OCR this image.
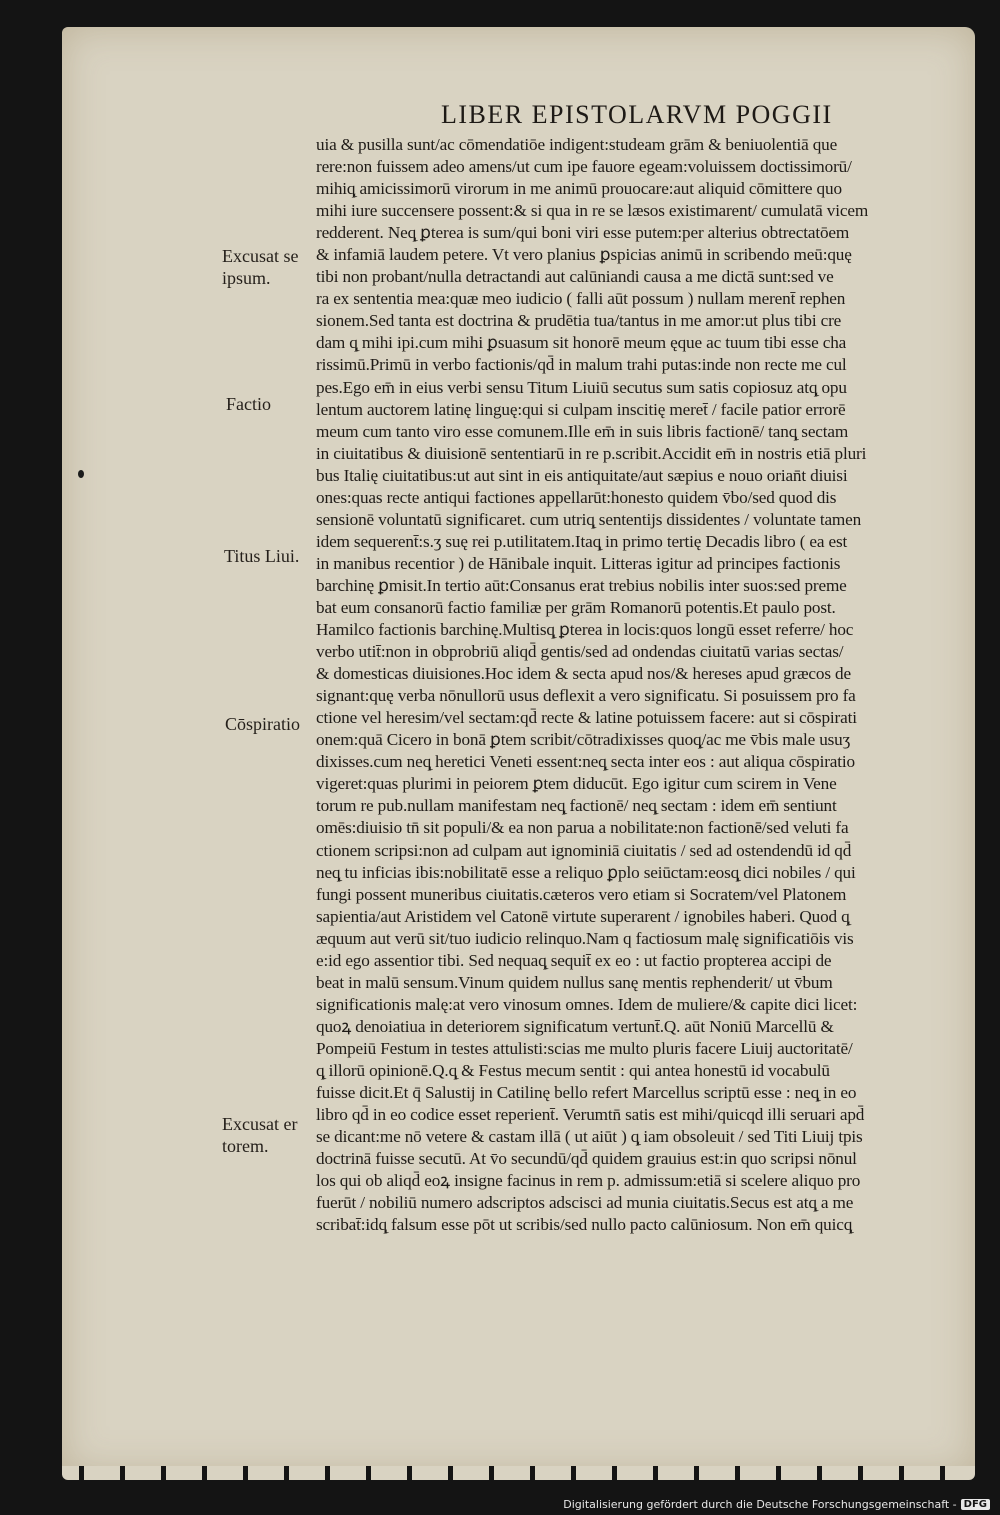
LIBER EPISTOLARVM POGGII
uia & pusilla sunt/ac cōmendatiōe indigent:studeam grām & beniuolentiā que
rere:non fuissem adeo amens/ut cum ipe fauore egeam:voluissem doctissimorū/
mihiq̨ amicissimorū virorum in me animū prouocare:aut aliquid cōmittere quo
mihi iure succensere possent:& si qua in re se læsos existimarent/ cumulatā vicem
redderent. Neq̨ ꝑterea is sum/qui boni viri esse putem:per alterius obtrectatōem
& infamiā laudem petere. Vt vero planius ꝑspicias animū in scribendo meū:quę
tibi non probant/nulla detractandi aut calūniandi causa a me dictā sunt:sed ve
ra ex sententia mea:quæ meo iudicio ( falli aūt possum ) nullam merent̄ rephen
sionem.Sed tanta est doctrina & prudētia tua/tantus in me amor:ut plus tibi cre
dam q̨ mihi ipi.cum mihi ꝑsuasum sit honorē meum ęque ac tuum tibi esse cha
rissimū.Primū in verbo factionis/qd̄ in malum trahi putas:inde non recte me cul
pes.Ego em̄ in eius verbi sensu Titum Liuiū secutus sum satis copiosuz atq̨ opu
lentum auctorem latinę linguę:qui si culpam inscitię meret̄ / facile patior errorē
meum cum tanto viro esse comunem.Ille em̄ in suis libris factionē/ tanq̨ sectam
in ciuitatibus & diuisionē sententiarū in re p.scribit.Accidit em̄ in nostris etiā pluri
bus Italię ciuitatibus:ut aut sint in eis antiquitate/aut sæpius e nouo orian̄t diuisi
ones:quas recte antiqui factiones appellarūt:honesto quidem v̄bo/sed quod dis
sensionē voluntatū significaret. cum utriq̨ sententijs dissidentes / voluntate tamen
idem sequerent̄:s.ʒ suę rei p.utilitatem.Itaq̨ in primo tertię Decadis libro ( ea est
in manibus recentior ) de Hānibale inquit. Litteras igitur ad principes factionis
barchinę ꝑmisit.In tertio aūt:Consanus erat trebius nobilis inter suos:sed preme
bat eum consanorū factio familiæ per grām Romanorū potentis.Et paulo post.
Hamilco factionis barchinę.Multisq̨ ꝑterea in locis:quos longū esset referre/ hoc
verbo utit̄:non in obprobriū aliqd̄ gentis/sed ad ondendas ciuitatū varias sectas/
& domesticas diuisiones.Hoc idem & secta apud nos/& hereses apud græcos de
signant:quę verba nōnullorū usus deflexit a vero significatu. Si posuissem pro fa
ctione vel heresim/vel sectam:qd̄ recte & latine potuissem facere: aut si cōspirati
onem:quā Cicero in bonā ꝑtem scribit/cōtradixisses quoq̨/ac me v̄bis male usuʒ
dixisses.cum neq̨ heretici Veneti essent:neq̨ secta inter eos : aut aliqua cōspiratio
vigeret:quas plurimi in peiorem ꝑtem diducūt. Ego igitur cum scirem in Vene
torum re pub.nullam manifestam neq̨ factionē/ neq̨ sectam : idem em̄ sentiunt
omēs:diuisio tn̄ sit populi/& ea non parua a nobilitate:non factionē/sed veluti fa
ctionem scripsi:non ad culpam aut ignominiā ciuitatis / sed ad ostendendū id qd̄
neq̨ tu inficias ibis:nobilitatē esse a reliquo ꝑplo seiūctam:eosq̨ dici nobiles / qui
fungi possent muneribus ciuitatis.cæteros vero etiam si Socratem/vel Platonem
sapientia/aut Aristidem vel Catonē virtute superarent / ignobiles haberi. Quod q̨
æquum aut verū sit/tuo iudicio relinquo.Nam q factiosum malę significatiōis vis
e:id ego assentior tibi. Sed nequaq̨ sequit̄ ex eo : ut factio propterea accipi de
beat in malū sensum.Vinum quidem nullus sanę mentis rephenderit/ ut v̄bum
significationis malę:at vero vinosum omnes. Idem de muliere/& capite dici licet:
quoꝝ denoiatiua in deteriorem significatum vertunt̄.Q. aūt Noniū Marcellū &
Pompeiū Festum in testes attulisti:scias me multo pluris facere Liuij auctoritatē/
q̨ illorū opinionē.Q.q̨ & Festus mecum sentit : qui antea honestū id vocabulū
fuisse dicit.Et q̄ Salustij in Catilinę bello refert Marcellus scriptū esse : neq̨ in eo
libro qd̄ in eo codice esset reperient̄. Verumtn̄ satis est mihi/quicqd illi seruari apd̄
se dicant:me nō vetere & castam illā ( ut aiūt ) q̨ iam obsoleuit / sed Titi Liuij tpis
doctrinā fuisse secutū. At v̄o secundū/qd̄ quidem grauius est:in quo scripsi nōnul
los qui ob aliqd̄ eoꝝ insigne facinus in rem p. admissum:etiā si scelere aliquo pro
fuerūt / nobiliū numero adscriptos adscisci ad munia ciuitatis.Secus est atq̨ a me
scribat̄:idq̨ falsum esse pōt ut scribis/sed nullo pacto calūniosum. Non em̄ quicq̨
Excusat se
ipsum.
Factio
Titus Liui.
Cōspiratio
Excusat er
torem.
Digitalisierung gefördert durch die Deutsche Forschungsgemeinschaft - DFG
